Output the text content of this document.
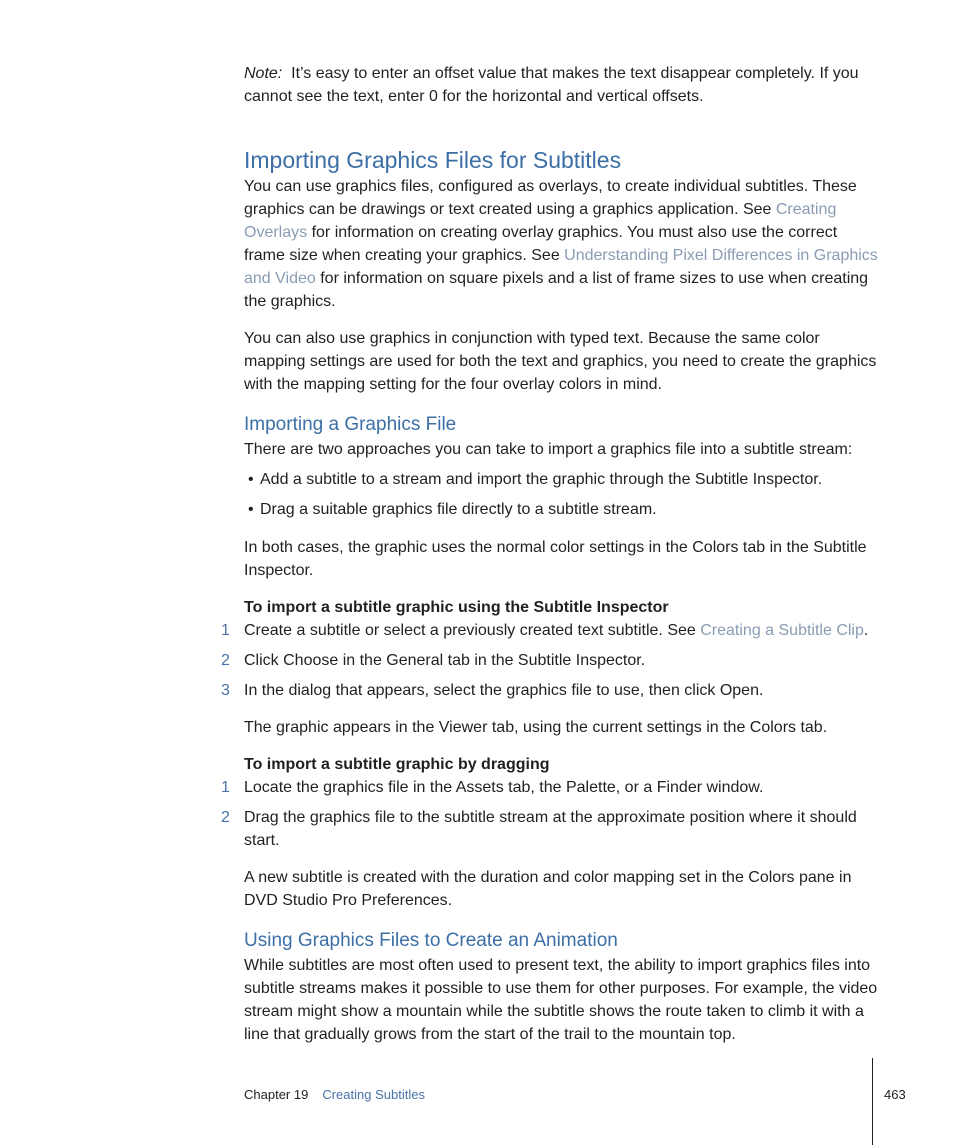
Note: It’s easy to enter an offset value that makes the text disappear completely. If you cannot see the text, enter 0 for the horizontal and vertical offsets.

Importing Graphics Files for Subtitles

You can use graphics files, configured as overlays, to create individual subtitles. These graphics can be drawings or text created using a graphics application. See Creating Overlays for information on creating overlay graphics. You must also use the correct frame size when creating your graphics. See Understanding Pixel Differences in Graphics and Video for information on square pixels and a list of frame sizes to use when creating the graphics.

You can also use graphics in conjunction with typed text. Because the same color mapping settings are used for both the text and graphics, you need to create the graphics with the mapping setting for the four overlay colors in mind.

Importing a Graphics File

There are two approaches you can take to import a graphics file into a subtitle stream:

• Add a subtitle to a stream and import the graphic through the Subtitle Inspector.

• Drag a suitable graphics file directly to a subtitle stream.

In both cases, the graphic uses the normal color settings in the Colors tab in the Subtitle Inspector.

To import a subtitle graphic using the Subtitle Inspector

1 Create a subtitle or select a previously created text subtitle. See Creating a Subtitle Clip.

2 Click Choose in the General tab in the Subtitle Inspector.

3 In the dialog that appears, select the graphics file to use, then click Open.

The graphic appears in the Viewer tab, using the current settings in the Colors tab.

To import a subtitle graphic by dragging

1 Locate the graphics file in the Assets tab, the Palette, or a Finder window.

2 Drag the graphics file to the subtitle stream at the approximate position where it should start.

A new subtitle is created with the duration and color mapping set in the Colors pane in DVD Studio Pro Preferences.

Using Graphics Files to Create an Animation

While subtitles are most often used to present text, the ability to import graphics files into subtitle streams makes it possible to use them for other purposes. For example, the video stream might show a mountain while the subtitle shows the route taken to climb it with a line that gradually grows from the start of the trail to the mountain top.

Chapter 19 Creating Subtitles	463
